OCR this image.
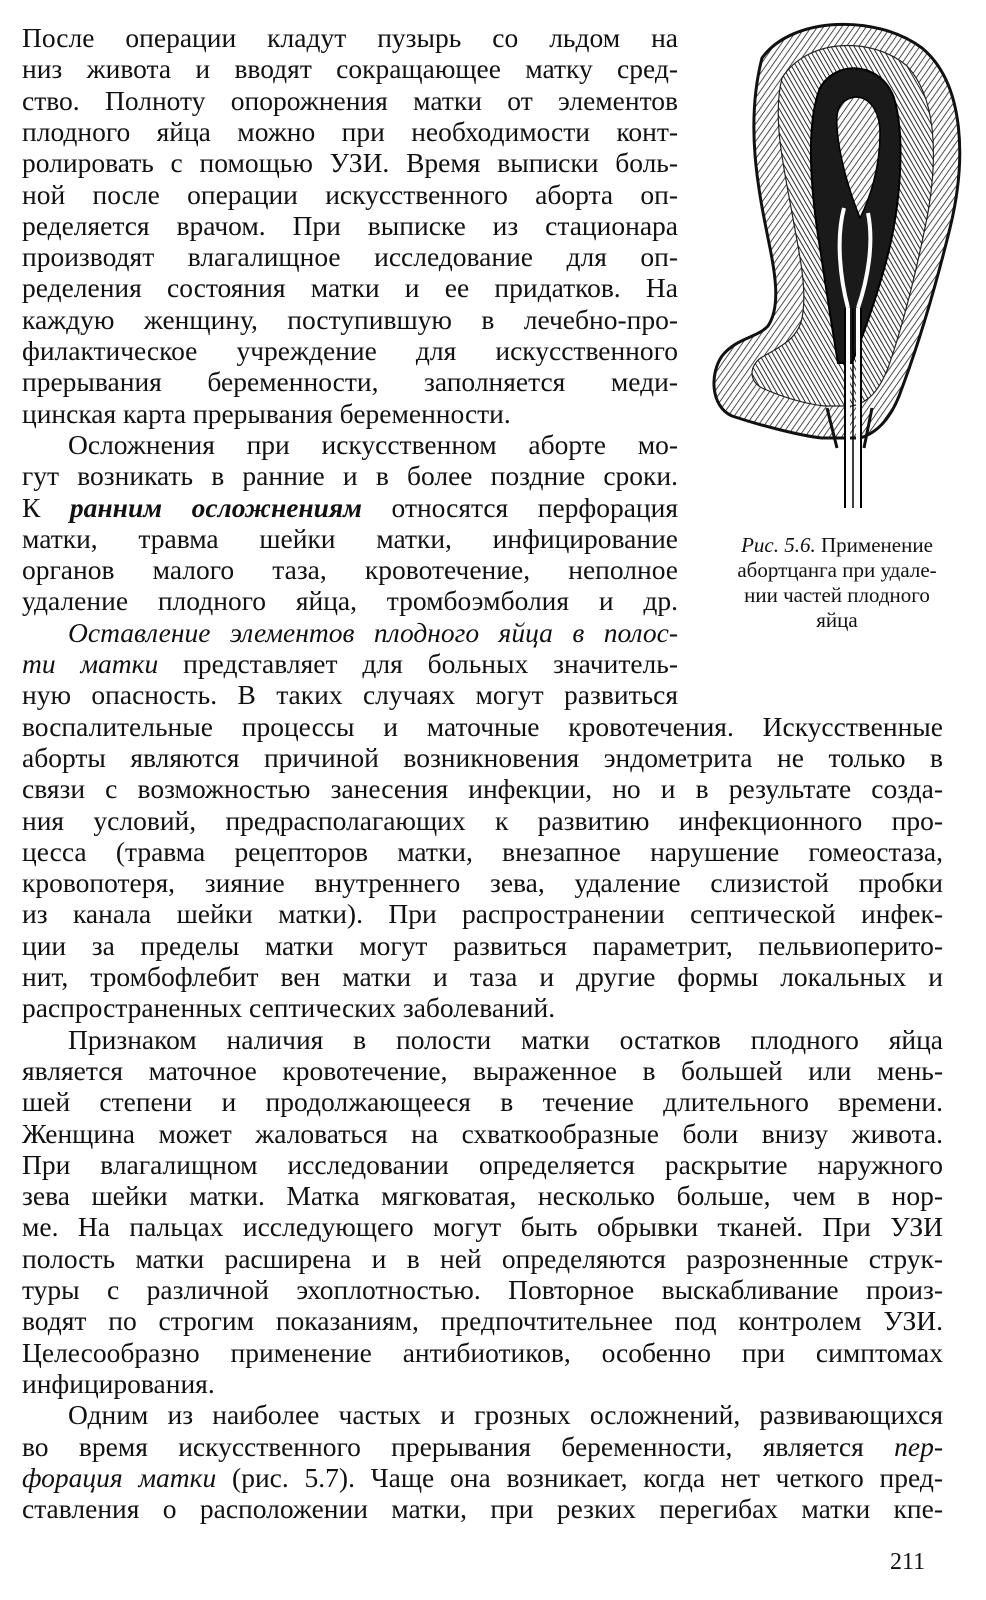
После операции кладут пузырь со льдом на
низ живота и вводят сокращающее матку сред-
ство. Полноту опорожнения матки от элементов
плодного яйца можно при необходимости конт-
ролировать с помощью УЗИ. Время выписки боль-
ной после операции искусственного аборта оп-
ределяется врачом. При выписке из стационара
производят влагалищное исследование для оп-
ределения состояния матки и ее придатков. На
каждую женщину, поступившую в лечебно-про-
филактическое учреждение для искусственного
прерывания беременности, заполняется меди-
цинская карта прерывания беременности.
Осложнения при искусственном аборте мо-
гут возникать в ранние и в более поздние сроки.
К ранним осложнениям относятся перфорация
матки, травма шейки матки, инфицирование
органов малого таза, кровотечение, неполное
удаление плодного яйца, тромбоэмболия и др.
Оставление элементов плодного яйца в полос-
ти матки представляет для больных значитель-
ную опасность. В таких случаях могут развиться
воспалительные процессы и маточные кровотечения. Искусственные
аборты являются причиной возникновения эндометрита не только в
связи с возможностью занесения инфекции, но и в результате созда-
ния условий, предрасполагающих к развитию инфекционного про-
цесса (травма рецепторов матки, внезапное нарушение гомеостаза,
кровопотеря, зияние внутреннего зева, удаление слизистой пробки
из канала шейки матки). При распространении септической инфек-
ции за пределы матки могут развиться параметрит, пельвиоперито-
нит, тромбофлебит вен матки и таза и другие формы локальных и
распространенных септических заболеваний.
Признаком наличия в полости матки остатков плодного яйца
является маточное кровотечение, выраженное в большей или мень-
шей степени и продолжающееся в течение длительного времени.
Женщина может жаловаться на схваткообразные боли внизу живота.
При влагалищном исследовании определяется раскрытие наружного
зева шейки матки. Матка мягковатая, несколько больше, чем в нор-
ме. На пальцах исследующего могут быть обрывки тканей. При УЗИ
полость матки расширена и в ней определяются разрозненные струк-
туры с различной эхоплотностью. Повторное выскабливание произ-
водят по строгим показаниям, предпочтительнее под контролем УЗИ.
Целесообразно применение антибиотиков, особенно при симптомах
инфицирования.
Одним из наиболее частых и грозных осложнений, развивающихся
во время искусственного прерывания беременности, является пер-
форация матки (рис. 5.7). Чаще она возникает, когда нет четкого пред-
ставления о расположении матки, при резких перегибах матки кпе-
Рис. 5.6. Применение
абортцанга при удале-
нии частей плодного
яйца
211
